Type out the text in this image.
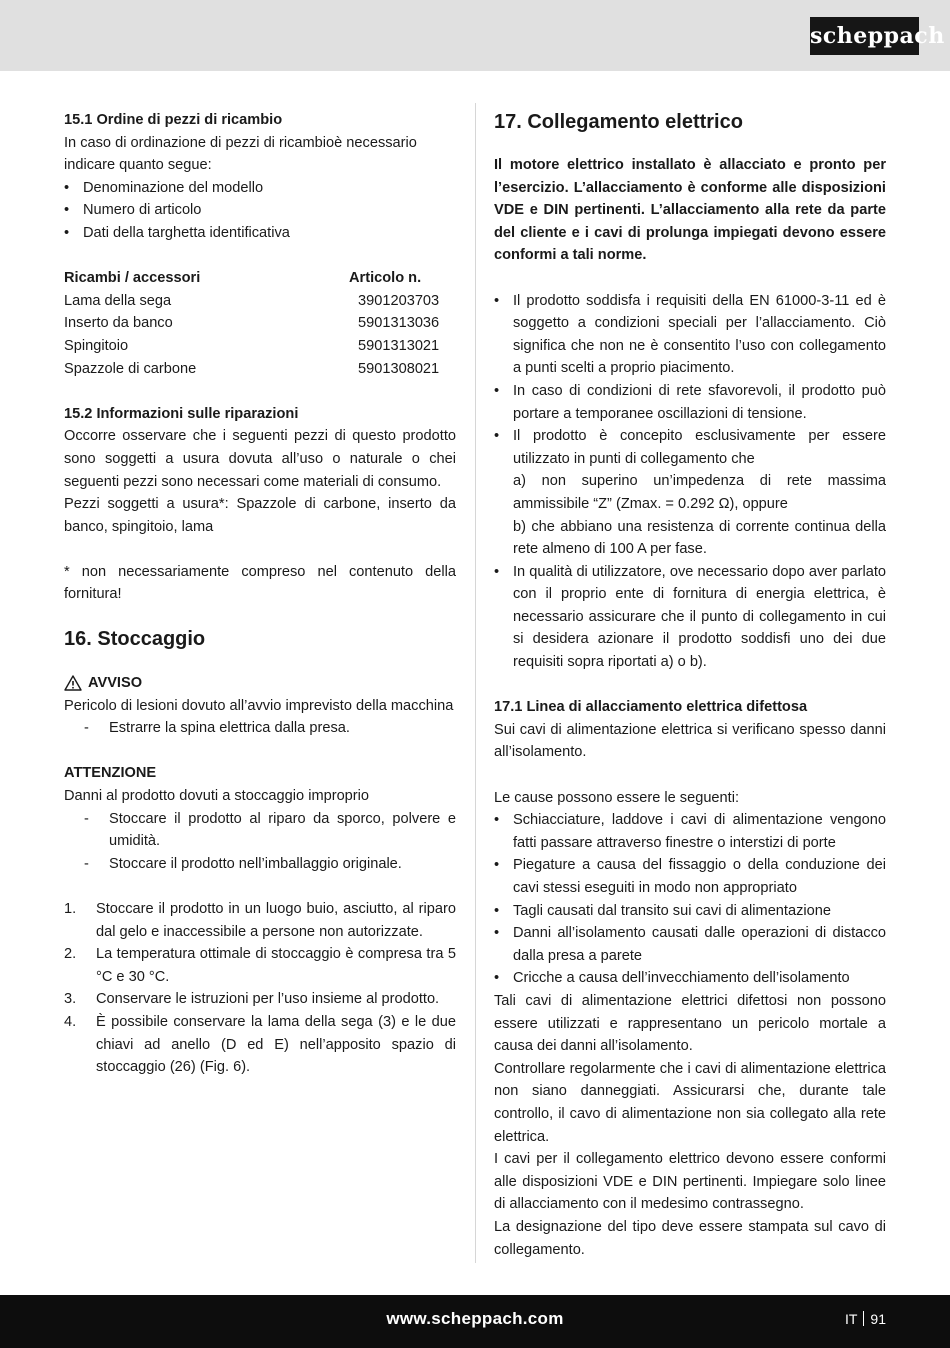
scheppach
15.1 Ordine di pezzi di ricambio
In caso di ordinazione di pezzi di ricambioè necessario indicare quanto segue:
• Denominazione del modello
• Numero di articolo
• Dati della targhetta identificativa
Ricambi / accessori	Articolo n.
Lama della sega	3901203703
Inserto da banco	5901313036
Spingitoio	5901313021
Spazzole di carbone	5901308021
15.2 Informazioni sulle riparazioni
Occorre osservare che i seguenti pezzi di questo prodotto sono soggetti a usura dovuta all’uso o naturale o chei seguenti pezzi sono necessari come materiali di consumo.
Pezzi soggetti a usura*: Spazzole di carbone, inserto da banco, spingitoio, lama
* non necessariamente compreso nel contenuto della fornitura!
16. Stoccaggio
AVVISO
Pericolo di lesioni dovuto all’avvio imprevisto della macchina
- Estrarre la spina elettrica dalla presa.
ATTENZIONE
Danni al prodotto dovuti a stoccaggio improprio
- Stoccare il prodotto al riparo da sporco, polvere e umidità.
- Stoccare il prodotto nell’imballaggio originale.
1. Stoccare il prodotto in un luogo buio, asciutto, al riparo dal gelo e inaccessibile a persone non autorizzate.
2. La temperatura ottimale di stoccaggio è compresa tra 5 °C e 30 °C.
3. Conservare le istruzioni per l’uso insieme al prodotto.
4. È possibile conservare la lama della sega (3) e le due chiavi ad anello (D ed E) nell’apposito spazio di stoccaggio (26) (Fig. 6).
17. Collegamento elettrico
Il motore elettrico installato è allacciato e pronto per l’esercizio. L’allacciamento è conforme alle disposizioni VDE e DIN pertinenti. L’allacciamento alla rete da parte del cliente e i cavi di prolunga impiegati devono essere conformi a tali norme.
• Il prodotto soddisfa i requisiti della EN 61000-3-11 ed è soggetto a condizioni speciali per l’allacciamento. Ciò significa che non ne è consentito l’uso con collegamento a punti scelti a proprio piacimento.
• In caso di condizioni di rete sfavorevoli, il prodotto può portare a temporanee oscillazioni di tensione.
• Il prodotto è concepito esclusivamente per essere utilizzato in punti di collegamento che
a) non superino un’impedenza di rete massima ammissibile “Z” (Zmax. = 0.292 Ω), oppure
b) che abbiano una resistenza di corrente continua della rete almeno di 100 A per fase.
• In qualità di utilizzatore, ove necessario dopo aver parlato con il proprio ente di fornitura di energia elettrica, è necessario assicurare che il punto di collegamento in cui si desidera azionare il prodotto soddisfi uno dei due requisiti sopra riportati a) o b).
17.1 Linea di allacciamento elettrica difettosa
Sui cavi di alimentazione elettrica si verificano spesso danni all’isolamento.
Le cause possono essere le seguenti:
• Schiacciature, laddove i cavi di alimentazione vengono fatti passare attraverso finestre o interstizi di porte
• Piegature a causa del fissaggio o della conduzione dei cavi stessi eseguiti in modo non appropriato
• Tagli causati dal transito sui cavi di alimentazione
• Danni all’isolamento causati dalle operazioni di distacco dalla presa a parete
• Cricche a causa dell’invecchiamento dell’isolamento
Tali cavi di alimentazione elettrici difettosi non possono essere utilizzati e rappresentano un pericolo mortale a causa dei danni all’isolamento.
Controllare regolarmente che i cavi di alimentazione elettrica non siano danneggiati. Assicurarsi che, durante tale controllo, il cavo di alimentazione non sia collegato alla rete elettrica.
I cavi per il collegamento elettrico devono essere conformi alle disposizioni VDE e DIN pertinenti. Impiegare solo linee di allacciamento con il medesimo contrassegno.
La designazione del tipo deve essere stampata sul cavo di collegamento.
www.scheppach.com	IT 91
